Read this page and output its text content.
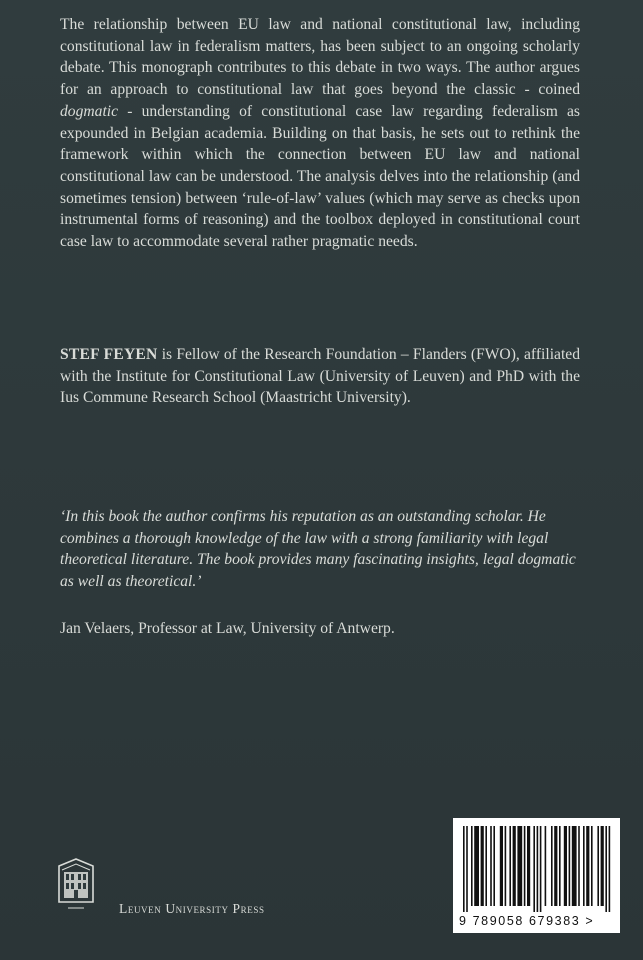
The relationship between EU law and national constitutional law, including constitutional law in federalism matters, has been subject to an ongoing scholarly debate. This monograph contributes to this debate in two ways. The author argues for an approach to constitutional law that goes beyond the classic - coined dogmatic - understanding of constitutional case law regarding federalism as expounded in Belgian academia. Building on that basis, he sets out to rethink the framework within which the connection between EU law and national constitutional law can be understood. The analysis delves into the relationship (and sometimes tension) between ‘rule-of-law’ values (which may serve as checks upon instrumental forms of reasoning) and the toolbox deployed in constitutional court case law to accommodate several rather pragmatic needs.

STEF FEYEN is Fellow of the Research Foundation – Flanders (FWO), affiliated with the Institute for Constitutional Law (University of Leuven) and PhD with the Ius Commune Research School (Maastricht University).

‘In this book the author confirms his reputation as an outstanding scholar. He combines a thorough knowledge of the law with a strong familiarity with legal theoretical literature. The book provides many fascinating insights, legal dogmatic as well as theoretical.’

Jan Velaers, Professor at Law, University of Antwerp.

Leuven University Press
9 789058 679383 >
